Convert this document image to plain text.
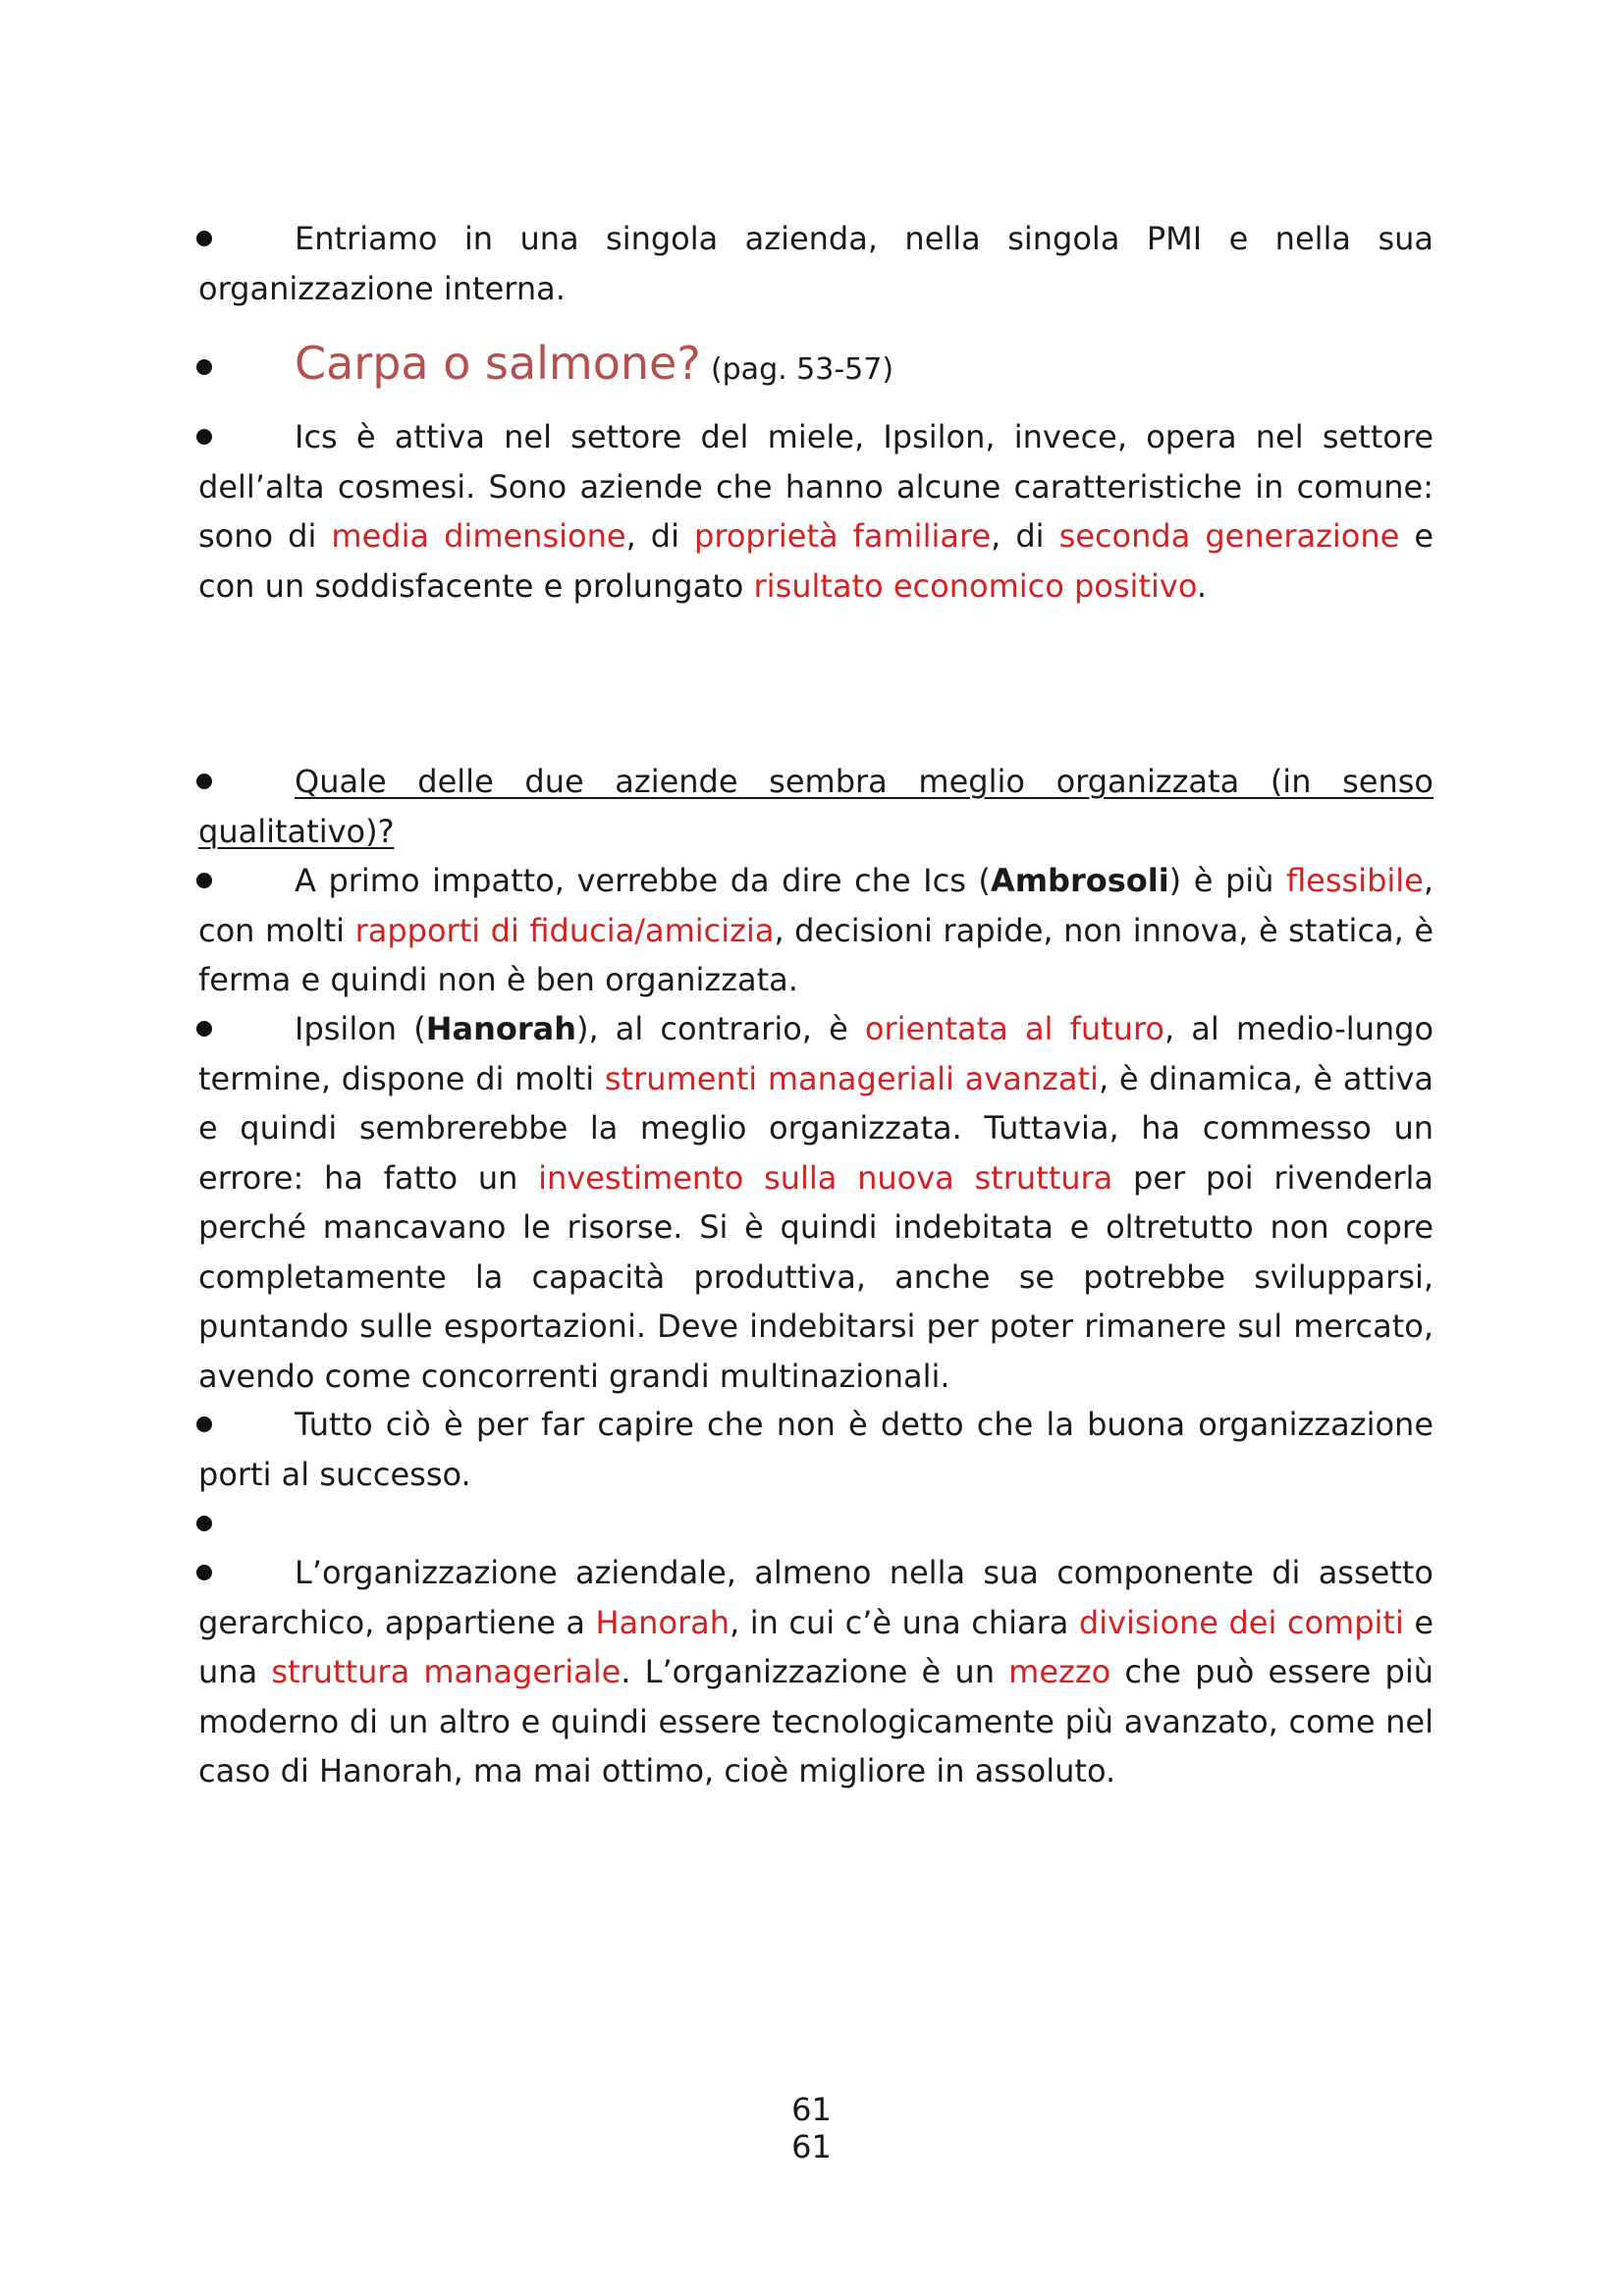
Entriamo in una singola azienda, nella singola PMI e nella sua organizzazione interna.
Carpa o salmone? (pag. 53-57)
Ics è attiva nel settore del miele, Ipsilon, invece, opera nel settore dell’alta cosmesi. Sono aziende che hanno alcune caratteristiche in comune: sono di media dimensione, di proprietà familiare, di seconda generazione e con un soddisfacente e prolungato risultato economico positivo.
Quale delle due aziende sembra meglio organizzata (in senso qualitativo)?
A primo impatto, verrebbe da dire che Ics (Ambrosoli) è più flessibile, con molti rapporti di fiducia/amicizia, decisioni rapide, non innova, è statica, è ferma e quindi non è ben organizzata.
Ipsilon (Hanorah), al contrario, è orientata al futuro, al medio-lungo termine, dispone di molti strumenti manageriali avanzati, è dinamica, è attiva e quindi sembrerebbe la meglio organizzata. Tuttavia, ha commesso un errore: ha fatto un investimento sulla nuova struttura per poi rivenderla perché mancavano le risorse. Si è quindi indebitata e oltretutto non copre completamente la capacità produttiva, anche se potrebbe svilupparsi, puntando sulle esportazioni. Deve indebitarsi per poter rimanere sul mercato, avendo come concorrenti grandi multinazionali.
Tutto ciò è per far capire che non è detto che la buona organizzazione porti al successo.
L’organizzazione aziendale, almeno nella sua componente di assetto gerarchico, appartiene a Hanorah, in cui c’è una chiara divisione dei compiti e una struttura manageriale. L’organizzazione è un mezzo che può essere più moderno di un altro e quindi essere tecnologicamente più avanzato, come nel caso di Hanorah, ma mai ottimo, cioè migliore in assoluto.
61
61
